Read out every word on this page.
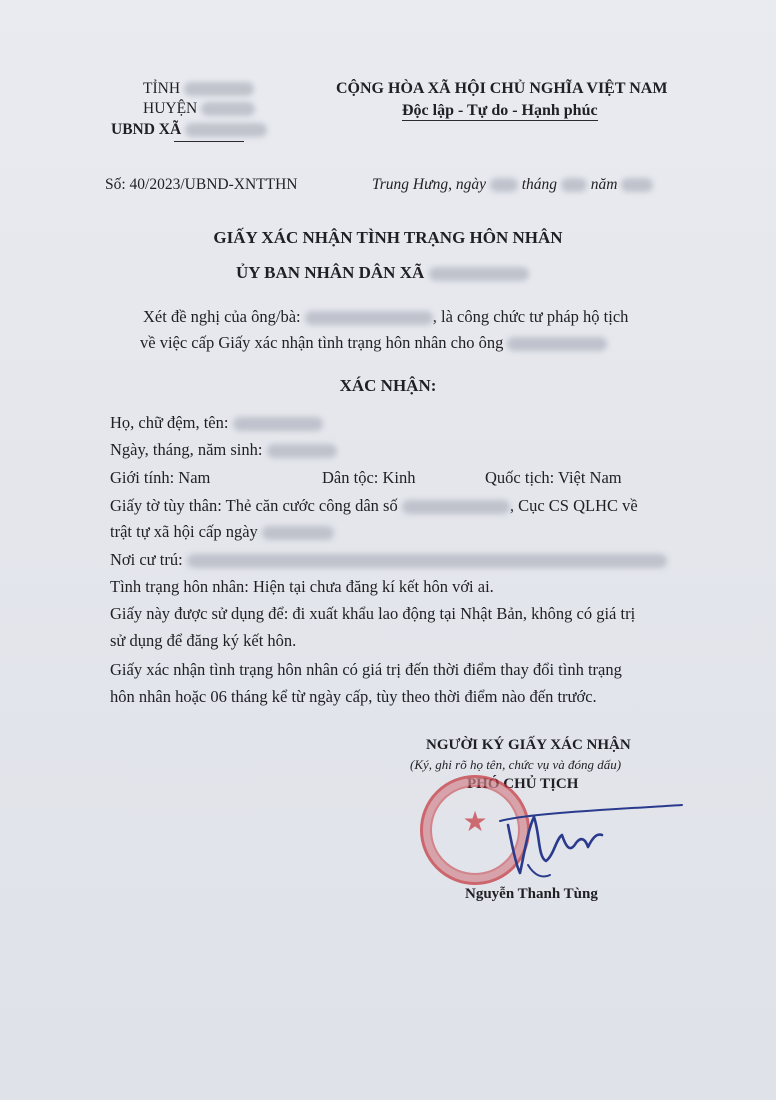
TỈNH
HUYỆN
UBND XÃ
CỘNG HÒA XÃ HỘI CHỦ NGHĨA VIỆT NAM
Độc lập - Tự do - Hạnh phúc
Số: 40/2023/UBND-XNTTHN	Trung Hưng, ngày tháng năm
GIẤY XÁC NHẬN TÌNH TRẠNG HÔN NHÂN
ỦY BAN NHÂN DÂN XÃ
Xét đề nghị của ông/bà:	, là công chức tư pháp hộ tịch
về việc cấp Giấy xác nhận tình trạng hôn nhân cho ông
XÁC NHẬN:
Họ, chữ đệm, tên:
Ngày, tháng, năm sinh:
Giới tính: Nam	Dân tộc: Kinh	Quốc tịch: Việt Nam
Giấy tờ tùy thân: Thẻ căn cước công dân số	, Cục CS QLHC về
trật tự xã hội cấp ngày
Nơi cư trú:
Tình trạng hôn nhân: Hiện tại chưa đăng kí kết hôn với ai.
Giấy này được sử dụng để: đi xuất khẩu lao động tại Nhật Bản, không có giá trị
sử dụng để đăng ký kết hôn.
Giấy xác nhận tình trạng hôn nhân có giá trị đến thời điểm thay đổi tình trạng
hôn nhân hoặc 06 tháng kể từ ngày cấp, tùy theo thời điểm nào đến trước.
NGƯỜI KÝ GIẤY XÁC NHẬN
(Ký, ghi rõ họ tên, chức vụ và đóng dấu)
PHÓ CHỦ TỊCH
★
Nguyễn Thanh Tùng
